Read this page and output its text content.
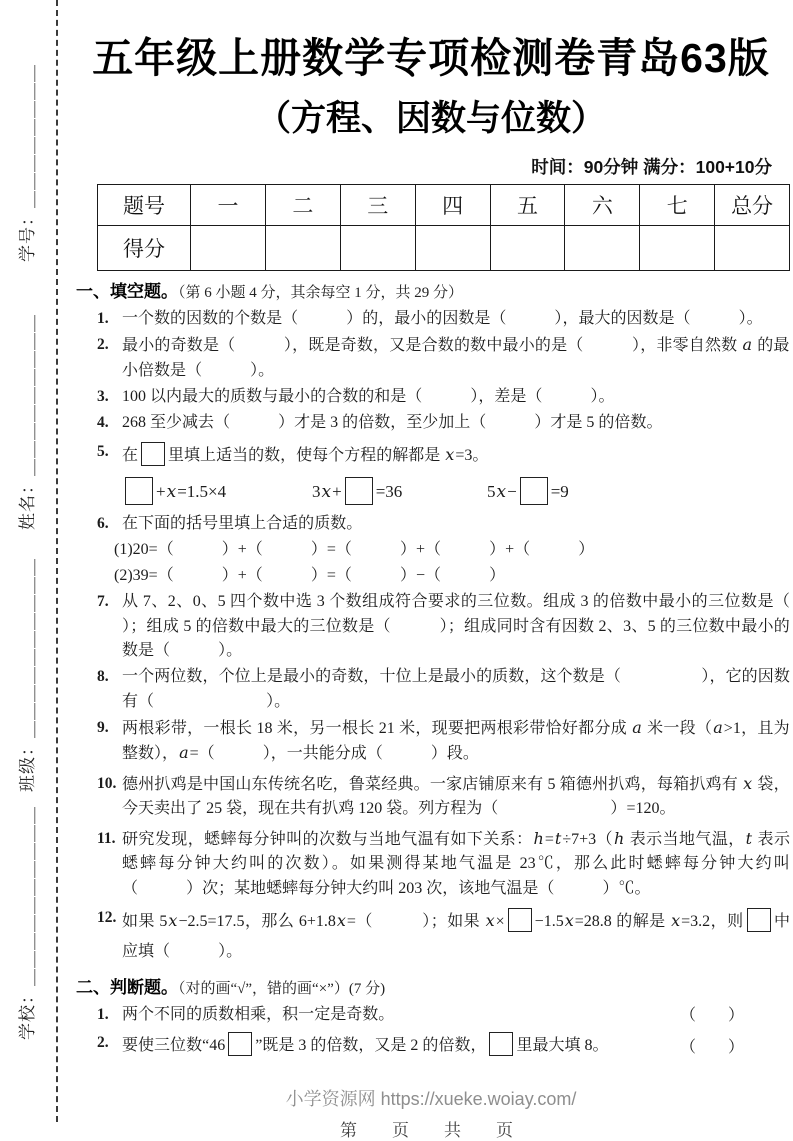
学号：＿＿＿＿＿＿＿＿
姓名：＿＿＿＿＿＿＿＿＿
班级：＿＿＿＿＿＿＿＿＿＿
学校：＿＿＿＿＿＿＿＿＿＿
五年级上册数学专项检测卷青岛63版
（方程、因数与位数）
时间：90分钟 满分：100+10分
题号	一	二	三	四	五	六	七	总分
得分								
一、填空题。（第 6 小题 4 分，其余每空 1 分，共 29 分）
1. 一个数的因数的个数是（　　　	）的，最小的因数是（　　　	），最大的因数是（　　　	）。
2. 最小的奇数是（　　　	），既是奇数，又是合数的数中最小的是（　　　	），非零自然数 a 的最小倍数是（　　　	）。
3. 100 以内最大的质数与最小的合数的和是（　　　	），差是（　　　	）。
4. 268 至少减去（　　　	）才是 3 的倍数，至少加上（　　　	）才是 5 的倍数。
5. 在 里填上适当的数，使每个方程的解都是 x=3。
+x=1.5×4	3x+ =36	5x− =9
6. 在下面的括号里填上合适的质数。
(1)20=（　　　	）+（　　　	）=（　　　	）+（　　　	）+（　　　	）
(2)39=（　　　	）+（　　　	）=（　　　	）−（　　　	）
7. 从 7、2、0、5 四个数中选 3 个数组成符合要求的三位数。组成 3 的倍数中最小的三位数是（　　　）；组成 5 的倍数中最大的三位数是（　　　	）；组成同时含有因数 2、3、5 的三位数中最小的数是（　　　	）。
8. 一个两位数，个位上是最小的奇数，十位上是最小的质数，这个数是（　　　　　	），它的因数有（　　　　　　　	）。
9. 两根彩带，一根长 18 米，另一根长 21 米，现要把两根彩带恰好都分成 a 米一段（a>1，且为整数），a=（　　　	），一共能分成（　　　	）段。
10. 德州扒鸡是中国山东传统名吃，鲁菜经典。一家店铺原来有 5 箱德州扒鸡，每箱扒鸡有 x 袋，今天卖出了 25 袋，现在共有扒鸡 120 袋。列方程为（　　　　　　　	）=120。
11. 研究发现，蟋蟀每分钟叫的次数与当地气温有如下关系：h=t÷7+3（h 表示当地气温，t 表示蟋蟀每分钟大约叫的次数）。如果测得某地气温是 23℃，那么此时蟋蟀每分钟大约叫（　　　	）次；某地蟋蟀每分钟大约叫 203 次，该地气温是（　　　	）℃。
12. 如果 5x−2.5=17.5，那么 6+1.8x=（　　　	）；如果 x× −1.5x=28.8 的解是 x=3.2，则 中应填（　　　	）。
二、判断题。（对的画“√”，错的画“×”）(7 分)
1. 两个不同的质数相乘，积一定是奇数。	（　　）
2. 要使三位数“46 ”既是 3 的倍数，又是 2 的倍数， 里最大填 8。	（　　）
小学资源网 https://xueke.woiay.com/
第　页　共　页
